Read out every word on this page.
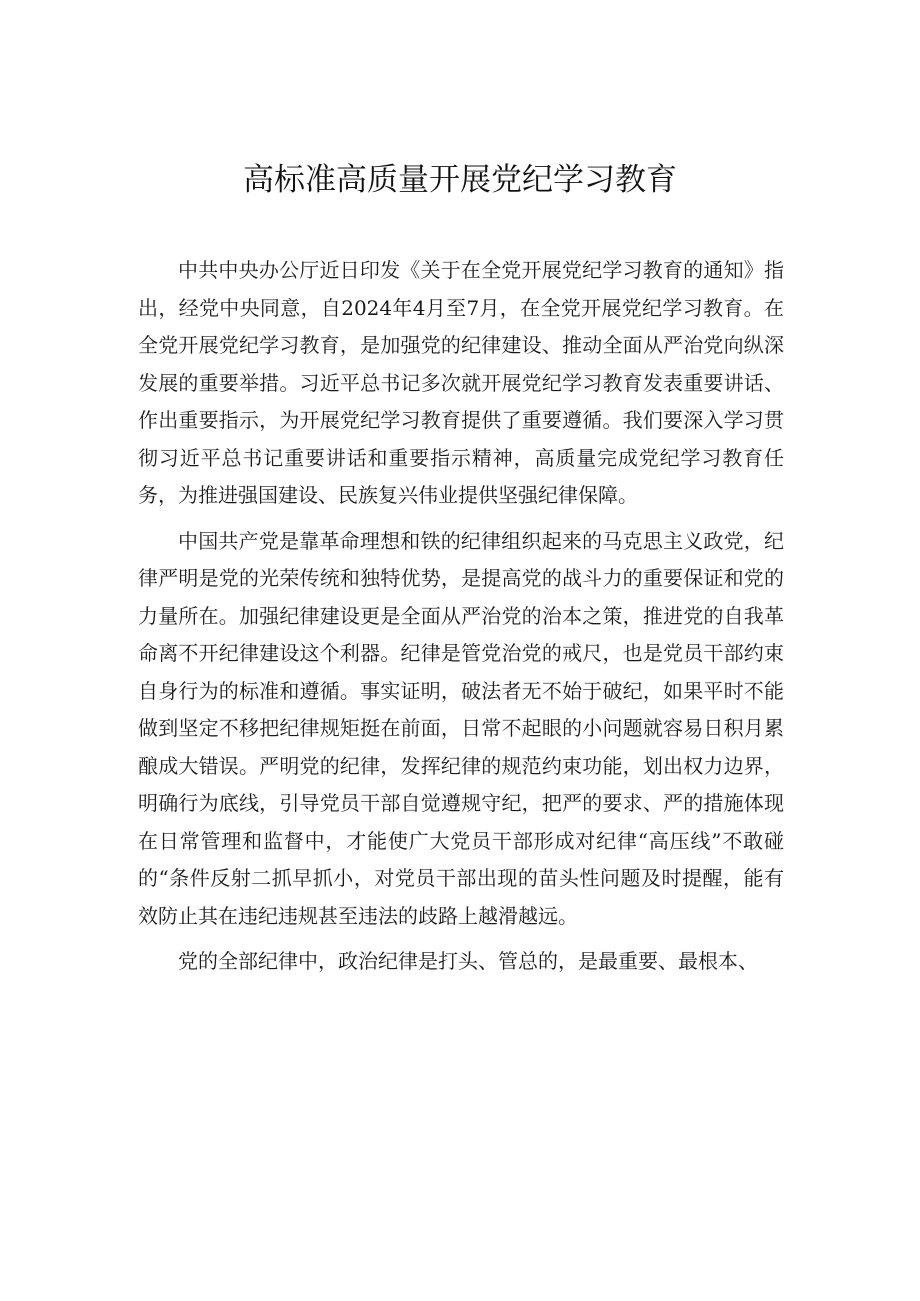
高标准高质量开展党纪学习教育

中共中央办公厅近日印发《关于在全党开展党纪学习教育的通知》指出，经党中央同意，自2024年4月至7月，在全党开展党纪学习教育。在全党开展党纪学习教育，是加强党的纪律建设、推动全面从严治党向纵深发展的重要举措。习近平总书记多次就开展党纪学习教育发表重要讲话、作出重要指示，为开展党纪学习教育提供了重要遵循。我们要深入学习贯彻习近平总书记重要讲话和重要指示精神，高质量完成党纪学习教育任务，为推进强国建设、民族复兴伟业提供坚强纪律保障。

中国共产党是靠革命理想和铁的纪律组织起来的马克思主义政党，纪律严明是党的光荣传统和独特优势，是提高党的战斗力的重要保证和党的力量所在。加强纪律建设更是全面从严治党的治本之策，推进党的自我革命离不开纪律建设这个利器。纪律是管党治党的戒尺，也是党员干部约束自身行为的标准和遵循。事实证明，破法者无不始于破纪，如果平时不能做到坚定不移把纪律规矩挺在前面，日常不起眼的小问题就容易日积月累酿成大错误。严明党的纪律，发挥纪律的规范约束功能，划出权力边界，明确行为底线，引导党员干部自觉遵规守纪，把严的要求、严的措施体现在日常管理和监督中，才能使广大党员干部形成对纪律“高压线”不敢碰的“条件反射二抓早抓小，对党员干部出现的苗头性问题及时提醒，能有效防止其在违纪违规甚至违法的歧路上越滑越远。

党的全部纪律中，政治纪律是打头、管总的，是最重要、最根本、
